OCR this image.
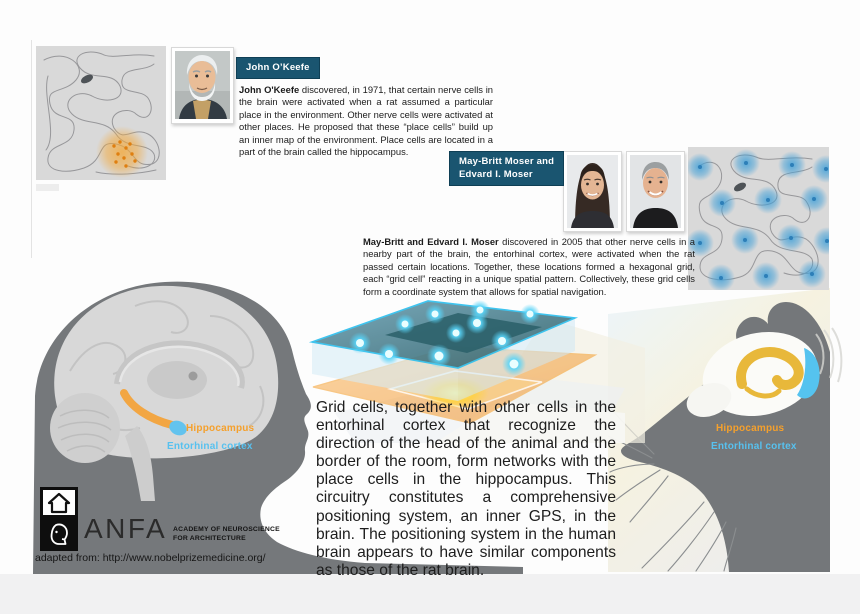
Hippocampus
Entorhinal cortex
Hippocampus
Entorhinal cortex
John O’Keefe
John O'Keefe discovered, in 1971, that certain nerve cells in the brain were activated when a rat assumed a particular place in the environment. Other nerve cells were activated at other places. He proposed that these “place cells” build up an inner map of the environment. Place cells are located in a part of the brain called the hippocampus.
May-Britt Moser and
Edvard I. Moser
May-Britt and Edvard I. Moser discovered in 2005 that other nerve cells in a nearby part of the brain, the entorhinal cortex, were activated when the rat passed certain locations. Together, these locations formed a hexagonal grid, each “grid cell” reacting in a unique spatial pattern. Collectively, these grid cells form a coordinate system that allows for spatial navigation.
Grid cells, together with other cells in the entorhinal cortex that recognize the direction of the head of the animal and the border of the room, form networks with the place cells in the hippocampus. This circuitry constitutes a comprehensive positioning system, an inner GPS, in the brain. The positioning system in the human brain appears to have similar components as those of the rat brain.
ANFA ACADEMY OF NEUROSCIENCE
FOR ARCHITECTURE
adapted from: http://www.nobelprizemedicine.org/
